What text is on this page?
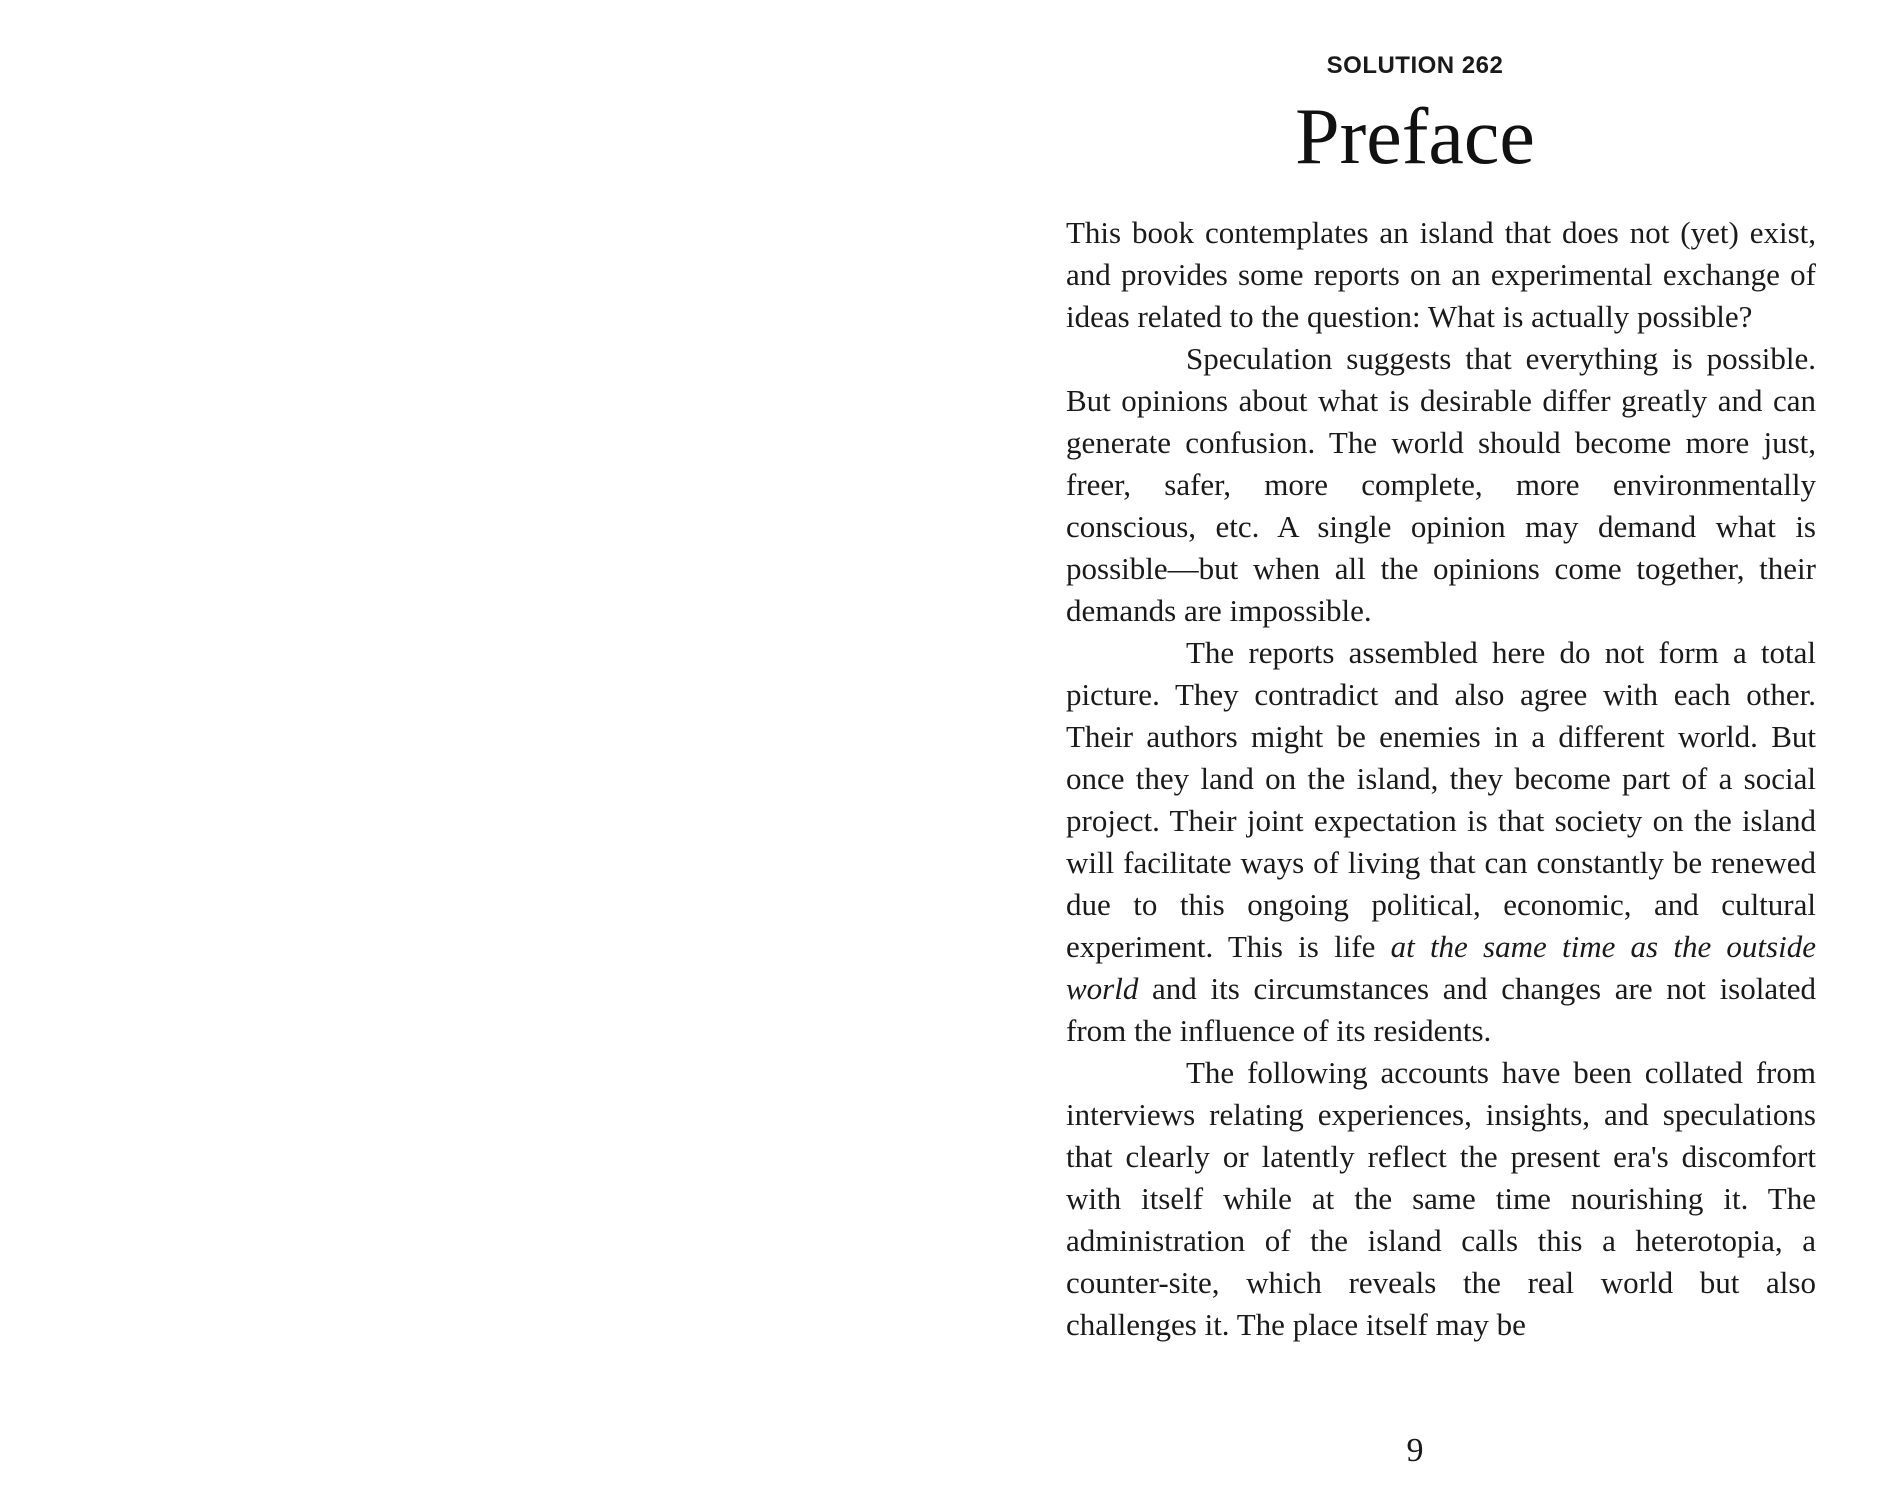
SOLUTION 262
Preface

This book contemplates an island that does not (yet) exist, and provides some reports on an experimental exchange of ideas related to the question: What is actually possible?

Speculation suggests that everything is possible. But opinions about what is desirable differ greatly and can generate confusion. The world should become more just, freer, safer, more complete, more environmentally conscious, etc. A single opinion may demand what is possible—but when all the opinions come together, their demands are impossible.

The reports assembled here do not form a total picture. They contradict and also agree with each other. Their authors might be enemies in a different world. But once they land on the island, they become part of a social project. Their joint expectation is that society on the island will facilitate ways of living that can constantly be renewed due to this ongoing political, economic, and cultural experiment. This is life at the same time as the outside world and its circumstances and changes are not isolated from the influence of its residents.

The following accounts have been collated from interviews relating experiences, insights, and speculations that clearly or latently reflect the present era's discomfort with itself while at the same time nourishing it. The administration of the island calls this a heterotopia, a counter-site, which reveals the real world but also challenges it. The place itself may be

9
